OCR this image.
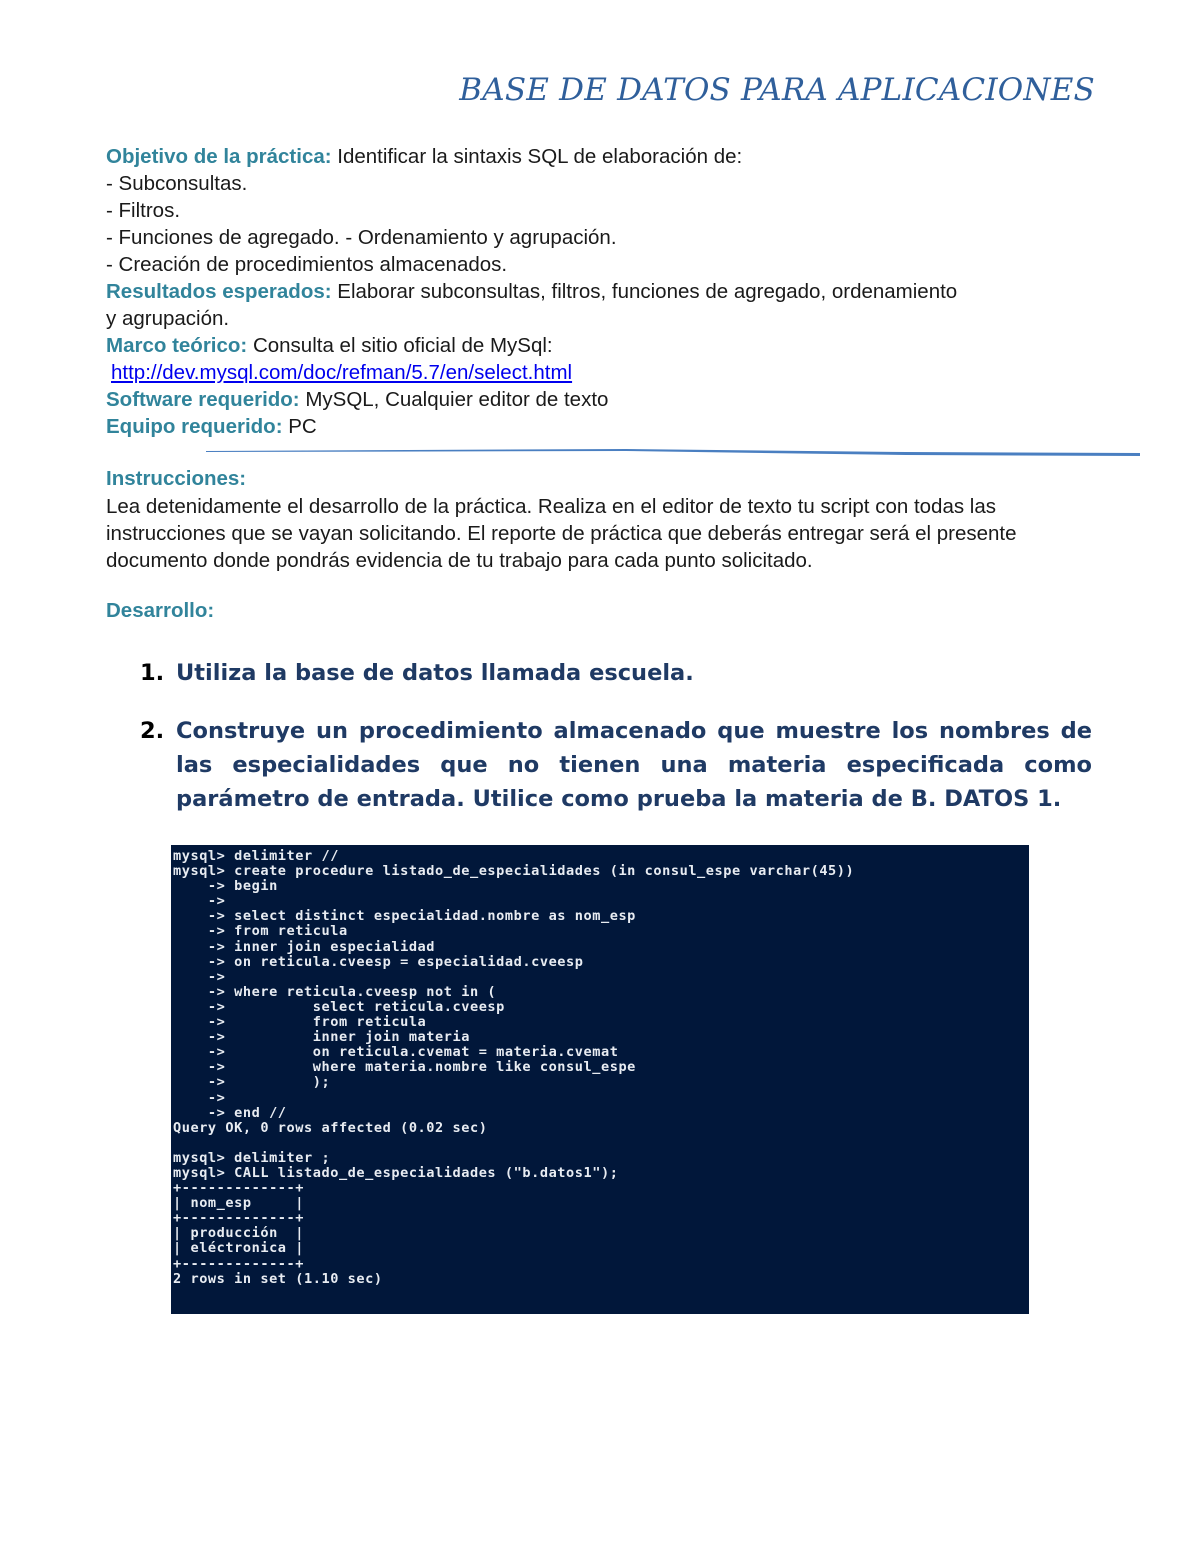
BASE DE DATOS PARA APLICACIONES
Objetivo de la práctica: Identificar la sintaxis SQL de elaboración de:
- Subconsultas.
- Filtros.
- Funciones de agregado. - Ordenamiento y agrupación.
- Creación de procedimientos almacenados.
Resultados esperados: Elaborar subconsultas, filtros, funciones de agregado, ordenamiento
y agrupación.
Marco teórico: Consulta el sitio oficial de MySql:
http://dev.mysql.com/doc/refman/5.7/en/select.html
Software requerido: MySQL, Cualquier editor de texto
Equipo requerido: PC
Instrucciones:

Lea detenidamente el desarrollo de la práctica. Realiza en el editor de texto tu script con todas las instrucciones que se vayan solicitando. El reporte de práctica que deberás entregar será el presente documento donde pondrás evidencia de tu trabajo para cada punto solicitado.

Desarrollo:
1. Utiliza la base de datos llamada escuela.
2. Construye un procedimiento almacenado que muestre los nombres de las especialidades que no tienen una materia especificada como parámetro de entrada. Utilice como prueba la materia de B. DATOS 1.
mysql> delimiter //
mysql> create procedure listado_de_especialidades (in consul_espe varchar(45))
-> begin
->
-> select distinct especialidad.nombre as nom_esp
-> from reticula
-> inner join especialidad
-> on reticula.cveesp = especialidad.cveesp
->
-> where reticula.cveesp not in (
->          select reticula.cveesp
->          from reticula
->          inner join materia
->          on reticula.cvemat = materia.cvemat
->          where materia.nombre like consul_espe
->          );
->
-> end //
Query OK, 0 rows affected (0.02 sec)

mysql> delimiter ;
mysql> CALL listado_de_especialidades ("b.datos1");
+-------------+
| nom_esp     |
+-------------+
| producción  |
| eléctronica |
+-------------+
2 rows in set (1.10 sec)
